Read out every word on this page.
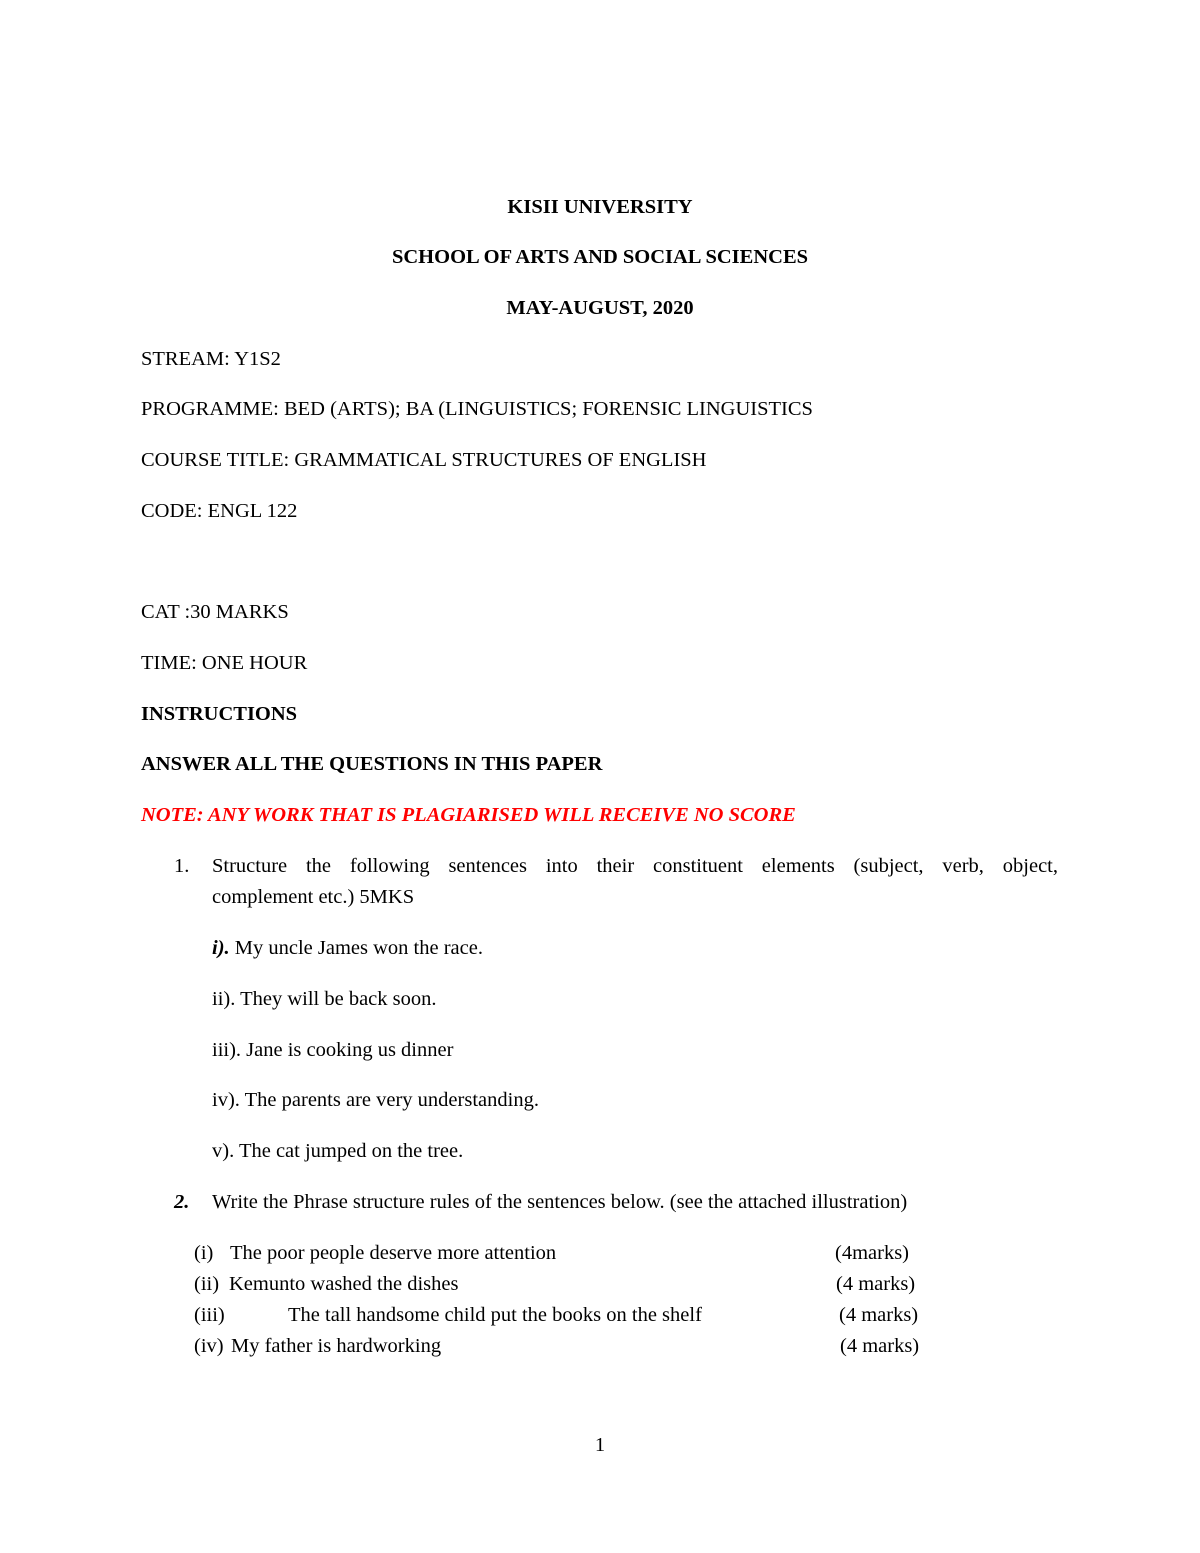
KISII UNIVERSITY
SCHOOL OF ARTS AND SOCIAL SCIENCES
MAY-AUGUST, 2020
STREAM: Y1S2
PROGRAMME: BED (ARTS); BA (LINGUISTICS; FORENSIC LINGUISTICS
COURSE TITLE: GRAMMATICAL STRUCTURES OF ENGLISH
CODE: ENGL 122
CAT :30 MARKS
TIME: ONE HOUR
INSTRUCTIONS
ANSWER ALL THE QUESTIONS IN THIS PAPER
NOTE: ANY WORK THAT IS PLAGIARISED WILL RECEIVE NO SCORE
1. Structure the following sentences into their constituent elements (subject, verb, object,
complement etc.) 5MKS
i). My uncle James won the race.
ii). They will be back soon.
iii). Jane is cooking us dinner
iv). The parents are very understanding.
v). The cat jumped on the tree.
2. Write the Phrase structure rules of the sentences below. (see the attached illustration)
(i) The poor people deserve more attention	(4marks)
(ii) Kemunto washed the dishes	(4 marks)
(iii)	The tall handsome child put the books on the shelf	(4 marks)
(iv) My father is hardworking	(4 marks)
1
